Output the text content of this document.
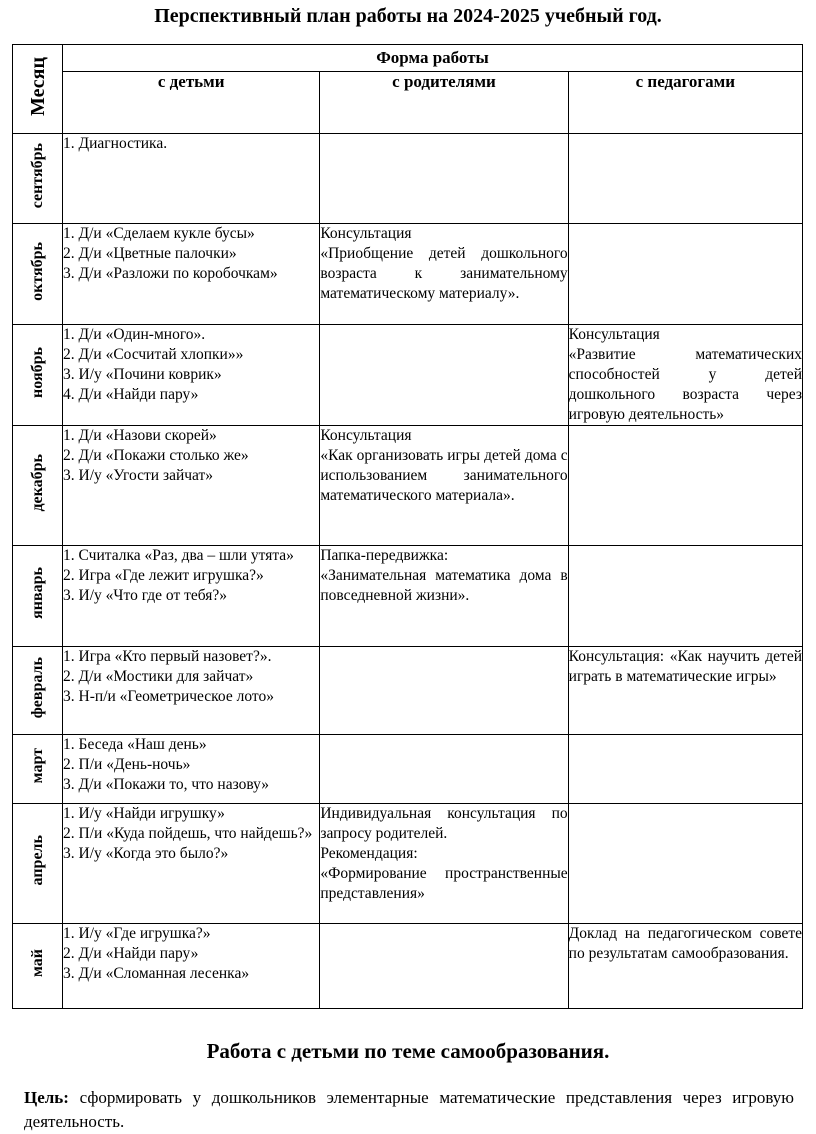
Перспективный план работы на 2024-2025 учебный год.
Месяц	Форма работы		
	с детьми	с родителями	с педагогами
сентябрь	1. Диагностика.		

октябрь	1. Д/и «Сделаем кукле бусы»
2. Д/и «Цветные палочки»
3. Д/и «Разложи по коробочкам»	Консультация
«Приобщение детей дошкольного возраста к занимательному математическому материалу».	

ноябрь	1. Д/и «Один-много».
2. Д/и «Сосчитай хлопки»»
3. И/у «Почини коврик»
4. Д/и «Найди пару»		Консультация
«Развитие математических способностей у детей дошкольного возраста через игровую деятельность»

декабрь	1. Д/и «Назови скорей»
2. Д/и «Покажи столько же»
3. И/у «Угости зайчат»	Консультация
«Как организовать игры детей дома с использованием занимательного математического материала».	

январь	1. Считалка «Раз, два – шли утята»
2. Игра «Где лежит игрушка?»
3. И/у «Что где от тебя?»	Папка-передвижка:
«Занимательная математика дома в повседневной жизни».	

февраль	1. Игра «Кто первый назовет?».
2. Д/и «Мостики для зайчат»
3. Н-п/и «Геометрическое лото»		Консультация: «Как научить детей играть в математические игры»

март	1. Беседа «Наш день»
2. П/и «День-ночь»
3. Д/и «Покажи то, что назову»		

апрель	1. И/у «Найди игрушку»
2. П/и «Куда пойдешь, что найдешь?»
3. И/у «Когда это было?»	Индивидуальная консультация по запросу родителей.
Рекомендация:
«Формирование пространственные представления»	

май	1. И/у «Где игрушка?»
2. Д/и «Найди пару»
3. Д/и «Сломанная лесенка»		Доклад на педагогическом совете по результатам самообразования.
Работа с детьми по теме самообразования.
Цель: сформировать у дошкольников элементарные математические представления через игровую деятельность.
